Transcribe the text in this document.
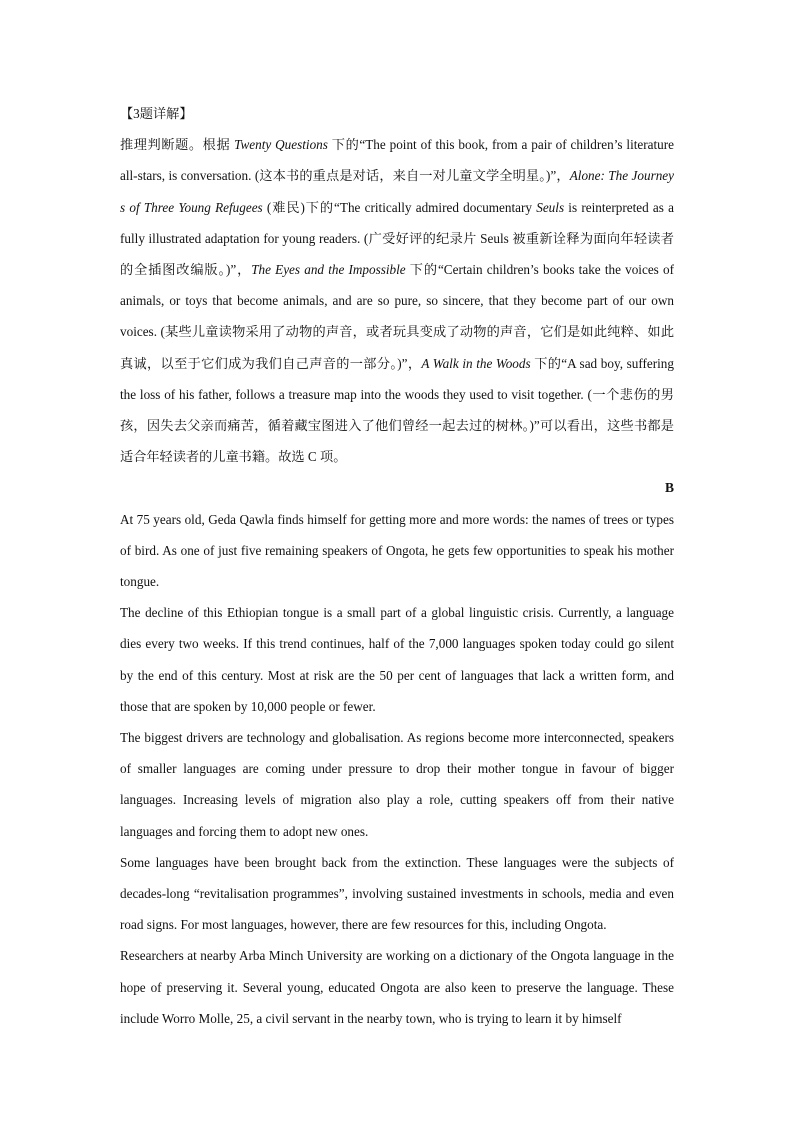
【3题详解】

推理判断题。根据 Twenty Questions 下的“The point of this book, from a pair of children’s literature all-stars, is conversation. (这本书的重点是对话，来自一对儿童文学全明星。)”，Alone: The Journey s of Three Young Refugees (难民)下的“The critically admired documentary Seuls is reinterpreted as a fully illustrated adaptation for young readers. (广受好评的纪录片 Seuls 被重新诠释为面向年轻读者的全插图改编版。)”，The Eyes and the Impossible 下的“Certain children’s books take the voices of animals, or toys that become animals, and are so pure, so sincere, that they become part of our own voices. (某些儿童读物采用了动物的声音，或者玩具变成了动物的声音，它们是如此纯粹、如此真诚，以至于它们成为我们自己声音的一部分。)”，A Walk in the Woods 下的“A sad boy, suffering the loss of his father, follows a treasure map into the woods they used to visit together. (一个悲伤的男孩，因失去父亲而痛苦，循着藏宝图进入了他们曾经一起去过的树林。)”可以看出，这些书都是适合年轻读者的儿童书籍。故选 C 项。

B

At 75 years old, Geda Qawla finds himself for getting more and more words: the names of trees or types of bird. As one of just five remaining speakers of Ongota, he gets few opportunities to speak his mother tongue.

The decline of this Ethiopian tongue is a small part of a global linguistic crisis. Currently, a language dies every two weeks. If this trend continues, half of the 7,000 languages spoken today could go silent by the end of this century. Most at risk are the 50 per cent of languages that lack a written form, and those that are spoken by 10,000 people or fewer.

The biggest drivers are technology and globalisation. As regions become more interconnected, speakers of smaller languages are coming under pressure to drop their mother tongue in favour of bigger languages. Increasing levels of migration also play a role, cutting speakers off from their native languages and forcing them to adopt new ones.

Some languages have been brought back from the extinction. These languages were the subjects of decades-long “revitalisation programmes”, involving sustained investments in schools, media and even road signs. For most languages, however, there are few resources for this, including Ongota.

Researchers at nearby Arba Minch University are working on a dictionary of the Ongota language in the hope of preserving it. Several young, educated Ongota are also keen to preserve the language. These include Worro Molle, 25, a civil servant in the nearby town, who is trying to learn it by himself
